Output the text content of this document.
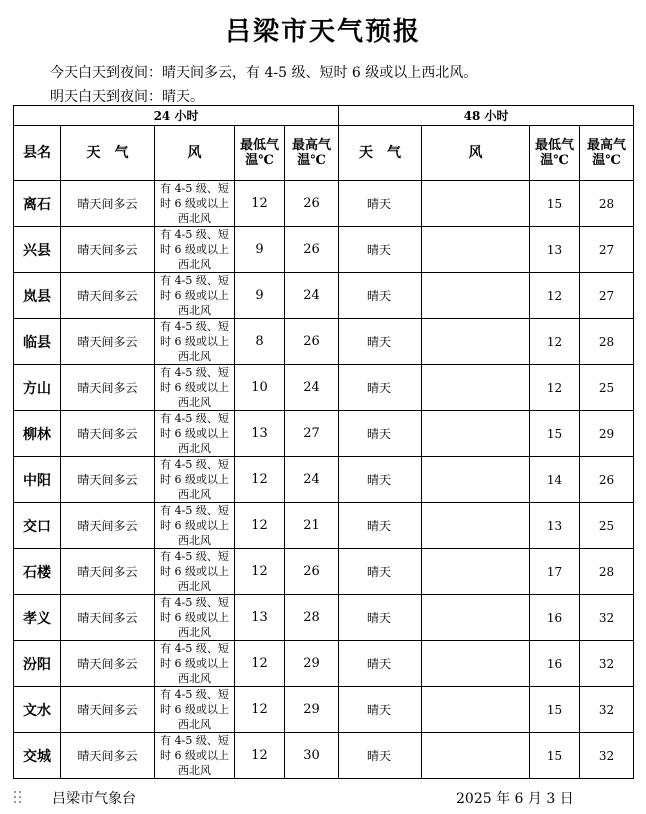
吕梁市天气预报
今天白天到夜间：晴天间多云，有 4-5 级、短时 6 级或以上西北风。
明天白天到夜间：晴天。
24 小时					48 小时			
县名	天　气	风	最低气温℃	最高气温℃	天　气	风	最低气温℃	最高气温℃
离石	晴天间多云	有 4-5 级、短时 6 级或以上西北风	12	26	晴天		15	28
兴县	晴天间多云	有 4-5 级、短时 6 级或以上西北风	9	26	晴天		13	27
岚县	晴天间多云	有 4-5 级、短时 6 级或以上西北风	9	24	晴天		12	27
临县	晴天间多云	有 4-5 级、短时 6 级或以上西北风	8	26	晴天		12	28
方山	晴天间多云	有 4-5 级、短时 6 级或以上西北风	10	24	晴天		12	25
柳林	晴天间多云	有 4-5 级、短时 6 级或以上西北风	13	27	晴天		15	29
中阳	晴天间多云	有 4-5 级、短时 6 级或以上西北风	12	24	晴天		14	26
交口	晴天间多云	有 4-5 级、短时 6 级或以上西北风	12	21	晴天		13	25
石楼	晴天间多云	有 4-5 级、短时 6 级或以上西北风	12	26	晴天		17	28
孝义	晴天间多云	有 4-5 级、短时 6 级或以上西北风	13	28	晴天		16	32
汾阳	晴天间多云	有 4-5 级、短时 6 级或以上西北风	12	29	晴天		16	32
文水	晴天间多云	有 4-5 级、短时 6 级或以上西北风	12	29	晴天		15	32
交城	晴天间多云	有 4-5 级、短时 6 级或以上西北风	12	30	晴天		15	32
吕梁市气象台	2025 年 6 月 3 日
